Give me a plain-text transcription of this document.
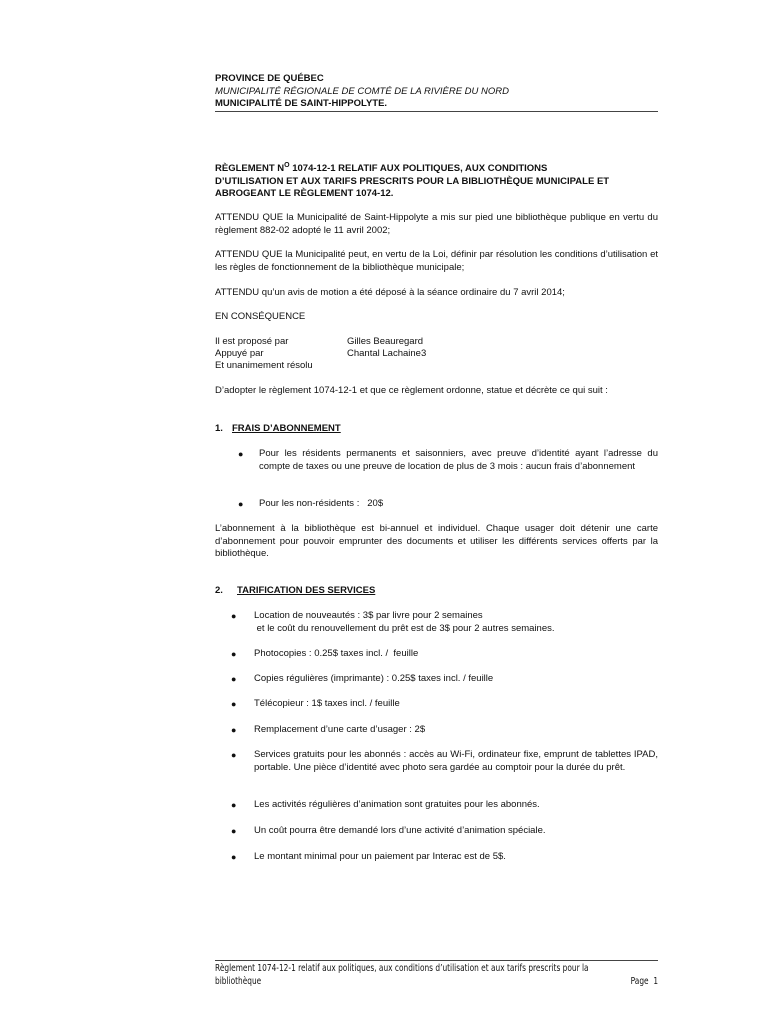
PROVINCE DE QUÉBEC
MUNICIPALITÉ RÉGIONALE DE COMTÉ DE LA RIVIÈRE DU NORD
MUNICIPALITÉ DE SAINT-HIPPOLYTE.
RÈGLEMENT $N^O$ 1074-12-1 RELATIF AUX POLITIQUES, AUX CONDITIONS
D’UTILISATION ET AUX TARIFS PRESCRITS POUR LA BIBLIOTHÈQUE MUNICIPALE ET
ABROGEANT LE RÈGLEMENT 1074-12.
ATTENDU QUE la Municipalité de Saint-Hippolyte a mis sur pied une bibliothèque publique en vertu du règlement 882-02 adopté le 11 avril 2002;
ATTENDU QUE la Municipalité peut, en vertu de la Loi, définir par résolution les conditions d’utilisation et les règles de fonctionnement de la bibliothèque municipale;
ATTENDU qu’un avis de motion a été déposé à la séance ordinaire du 7 avril 2014;
EN CONSÉQUENCE
Il est proposé par	Gilles Beauregard
Appuyé par	Chantal Lachaine3
Et unanimement résolu
D’adopter le règlement 1074-12-1 et que ce règlement ordonne, statue et décrète ce qui suit :
1. FRAIS D’ABONNEMENT
● Pour les résidents permanents et saisonniers, avec preuve d’identité ayant l’adresse du compte de taxes ou une preuve de location de plus de 3 mois : aucun frais d’abonnement
● Pour les non-résidents :   20$
L’abonnement à la bibliothèque est bi-annuel et individuel. Chaque usager doit détenir une carte d’abonnement pour pouvoir emprunter des documents et utiliser les différents services offerts par la bibliothèque.
2. TARIFICATION DES SERVICES
● Location de nouveautés : 3$ par livre pour 2 semaines
et le coût du renouvellement du prêt est de 3$ pour 2 autres semaines.
● Photocopies : 0.25$ taxes incl. /  feuille
● Copies régulières (imprimante) : 0.25$ taxes incl. / feuille
● Télécopieur : 1$ taxes incl. / feuille
● Remplacement d’une carte d’usager : 2$
● Services gratuits pour les abonnés : accès au Wi-Fi, ordinateur fixe, emprunt de tablettes IPAD, portable. Une pièce d’identité avec photo sera gardée au comptoir pour la durée du prêt.
● Les activités régulières d’animation sont gratuites pour les abonnés.
● Un coût pourra être demandé lors d’une activité d’animation spéciale.
● Le montant minimal pour un paiement par Interac est de 5$.
Règlement 1074-12-1 relatif aux politiques, aux conditions d’utilisation et aux tarifs prescrits pour la
bibliothèque	Page  1
